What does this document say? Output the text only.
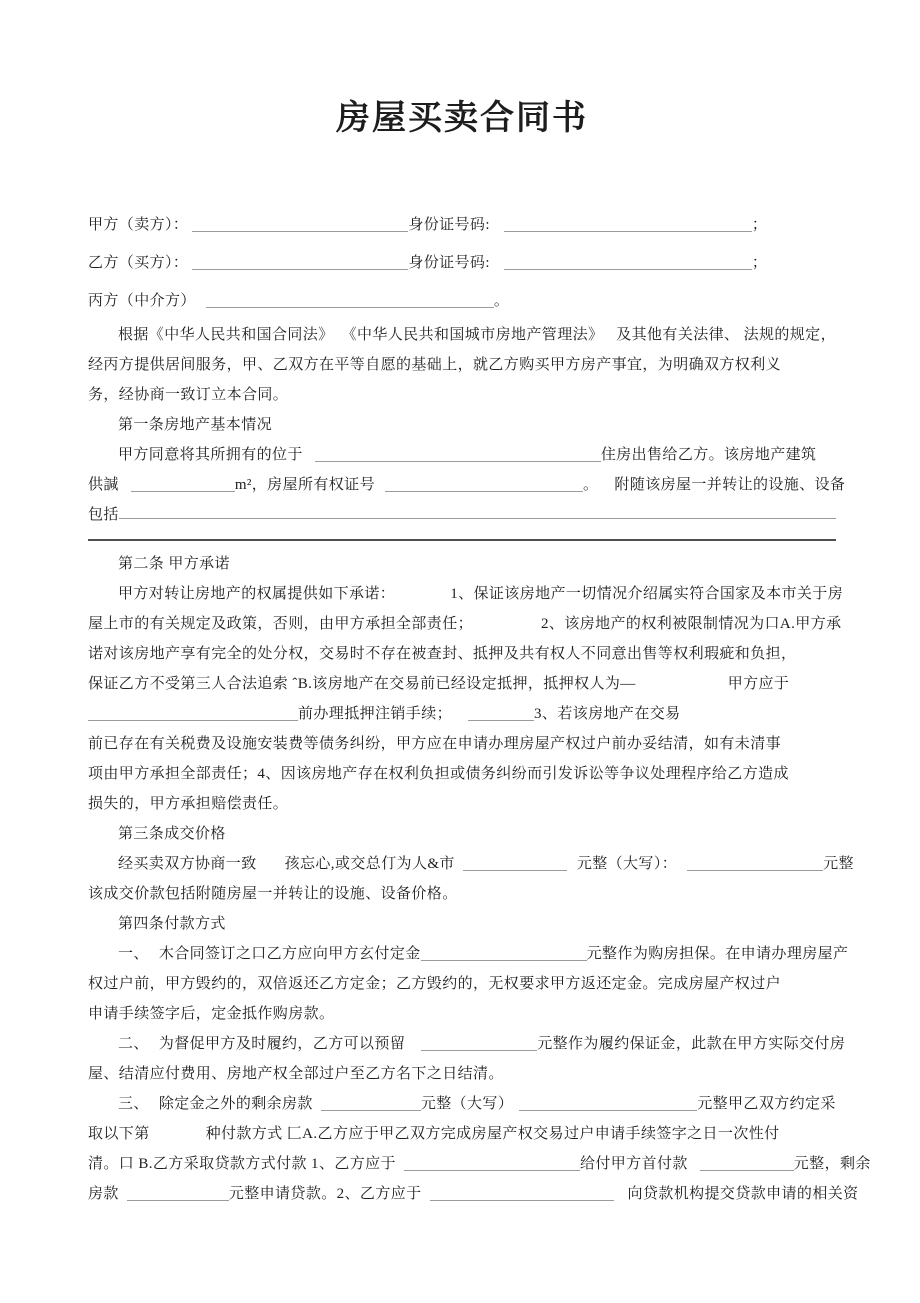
房屋买卖合同书
甲方（卖方）：	身份证号码:	；
乙方（买方）：	身份证号码:	；
丙方（中介方）	。
根据《中华人民共和国合同法》 《中华人民共和国城市房地产管理法》 及其他有关法律、 法规的规定，
经丙方提供居间服务，甲、乙双方在平等自愿的基础上，就乙方购买甲方房产事宜，为明确双方权利义
务，经协商一致订立本合同。
第一条房地产基本情况
甲方同意将其所拥有的位于	住房出售给乙方。该房地产建筑
供諴	m²，房屋所有权证号	。 附随该房屋一并转让的设施、设备
包括
第二条 甲方承诺
甲方对转让房地产的权属提供如下承诺：	1、保证该房地产一切情况介绍属实符合国家及本市关于房
屋上市的有关规定及政策，否则，由甲方承担全部责任；	2、该房地产的权利被限制情况为口 A.甲方承
诺对该房地产享有完全的处分权，交易时不存在被查封、抵押及共有权人不同意出售等权利瑕疵和负担，
保证乙方不受第三人合法追索 ˆB.该房地产在交易前已经设定抵押，抵押权人为—	甲方应于
前办理抵押注销手续；	3、若该房地产在交易
前已存在有关税费及设施安装费等债务纠纷，甲方应在申请办理房屋产权过户前办妥结清，如有未清事
项由甲方承担全部责任；4、因该房地产存在权利负担或债务纠纷而引发诉讼等争议处理程序给乙方造成
损失的，甲方承担赔偿责任。
第三条成交价格
经买卖双方协商一致 孩忘心,或交总仃为人&市	元整（大写）：	元整
该成交价款包括附随房屋一并转让的设施、设备价格。
第四条付款方式
一、 木合同签订之口乙方应向甲方玄付定金	元整作为购房担保。在申请办理房屋产
权过户前，甲方毁约的，双倍返还乙方定金；乙方毁约的，无权要求甲方返还定金。完成房屋产权过户
申请手续签字后，定金抵作购房款。
二、 为督促甲方及时履约，乙方可以预留	元整作为履约保证金，此款在甲方实际交付房
屋、结清应付费用、房地产权全部过户至乙方名下之日结清。
三、 除定金之外的剩余房款	元整（大写）	元整甲乙双方约定采
取以下第	种付款方式 匚A.乙方应于甲乙双方完成房屋产权交易过户申请手续签字之日一次性付
清。口 B.乙方采取贷款方式付款 1、乙方应于	给付甲方首付款	元整，剩余
房款	元整申请贷款。2、乙方应于	向贷款机构提交贷款申请的相关资
